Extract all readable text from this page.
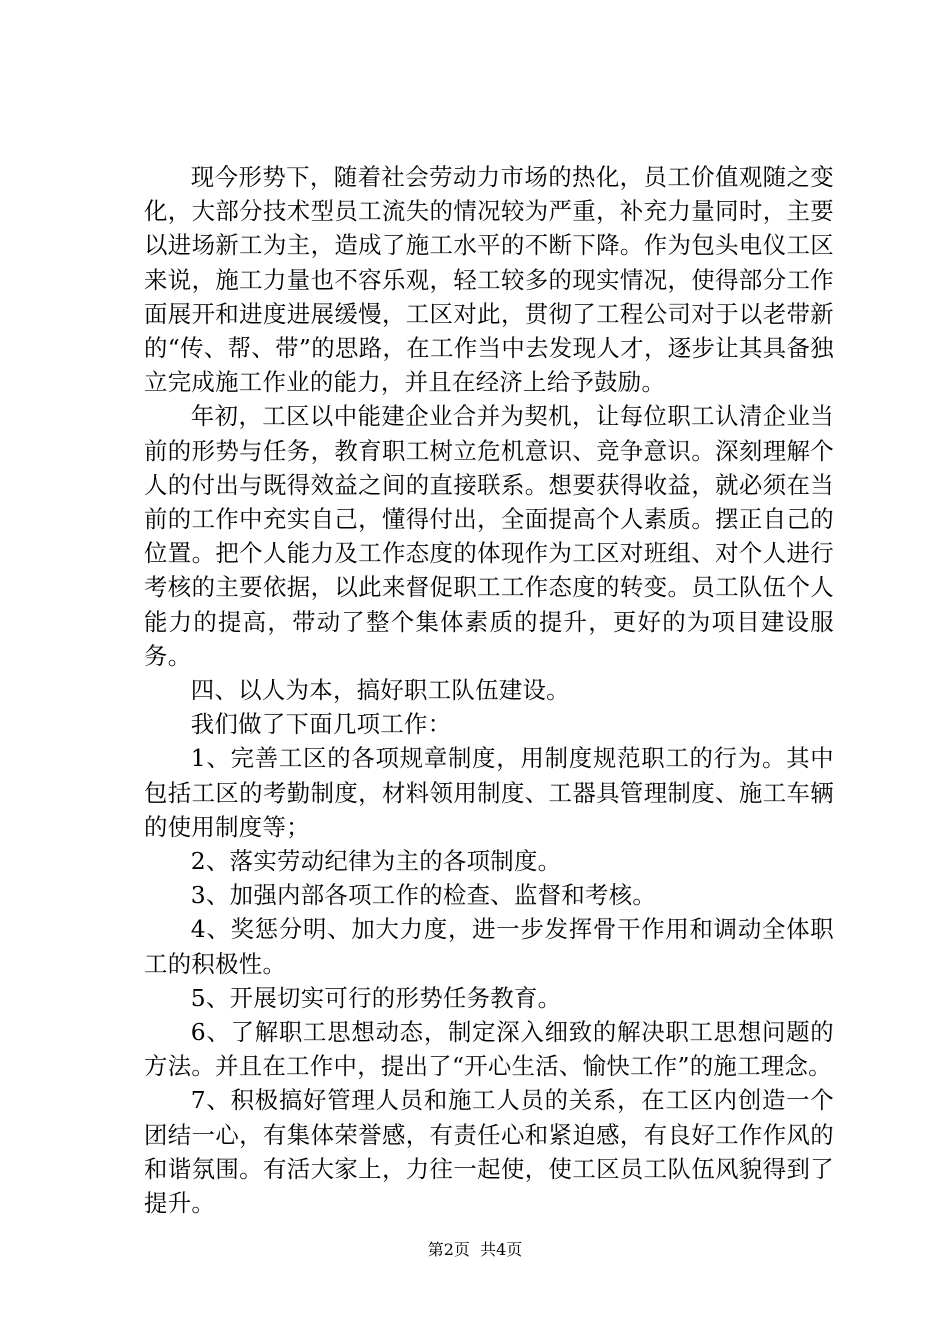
现今形势下，随着社会劳动力市场的热化，员工价值观随之变化，大部分技术型员工流失的情况较为严重，补充力量同时，主要以进场新工为主，造成了施工水平的不断下降。作为包头电仪工区来说，施工力量也不容乐观，轻工较多的现实情况，使得部分工作面展开和进度进展缓慢，工区对此，贯彻了工程公司对于以老带新的“传、帮、带”的思路，在工作当中去发现人才，逐步让其具备独立完成施工作业的能力，并且在经济上给予鼓励。

年初，工区以中能建企业合并为契机，让每位职工认清企业当前的形势与任务，教育职工树立危机意识、竞争意识。深刻理解个人的付出与既得效益之间的直接联系。想要获得收益，就必须在当前的工作中充实自己，懂得付出，全面提高个人素质。摆正自己的位置。把个人能力及工作态度的体现作为工区对班组、对个人进行考核的主要依据，以此来督促职工工作态度的转变。员工队伍个人能力的提高，带动了整个集体素质的提升，更好的为项目建设服务。

四、以人为本，搞好职工队伍建设。

我们做了下面几项工作：

1、完善工区的各项规章制度，用制度规范职工的行为。其中包括工区的考勤制度，材料领用制度、工器具管理制度、施工车辆的使用制度等；

2、落实劳动纪律为主的各项制度。

3、加强内部各项工作的检查、监督和考核。

4、奖惩分明、加大力度，进一步发挥骨干作用和调动全体职工的积极性。

5、开展切实可行的形势任务教育。

6、了解职工思想动态，制定深入细致的解决职工思想问题的方法。并且在工作中，提出了“开心生活、愉快工作”的施工理念。

7、积极搞好管理人员和施工人员的关系，在工区内创造一个团结一心，有集体荣誉感，有责任心和紧迫感，有良好工作作风的和谐氛围。有活大家上，力往一起使，使工区员工队伍风貌得到了提升。

第2页  共4页
